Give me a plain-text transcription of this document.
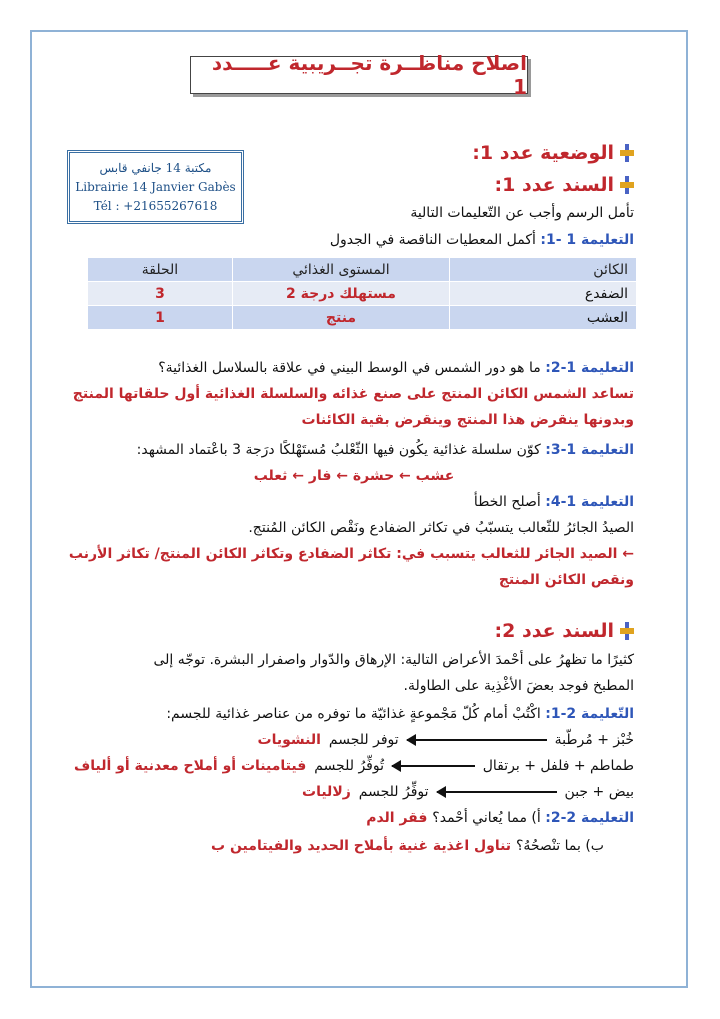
اصلاح مناظــرة تجــريبية عـــــدد 1
مكتبة 14 جانفي قابس
Librairie 14 Janvier Gabès
Tél : +21655267618
الوضعية عدد 1:
السند عدد 1:
تأمل الرسم وأجب عن التّعليمات التالية
التعليمة 1 -1: أكمل المعطيات الناقصة في الجدول
الكائن	المستوى الغذائي	الحلقة
الضفدع	مستهلك درجة 2	3
العشب	منتج	1
التعليمة 1-2: ما هو دور الشمس في الوسط البيني في علاقة بالسلاسل الغذائية؟
تساعد الشمس الكائن المنتج على صنع غذائه والسلسلة الغذائية أول حلقاتها المنتج
وبدونها ينقرض هذا المنتج وينقرض بقية الكائنات
التعليمة 1-3: كوّن سلسلة غذائية يكُون فيها الثّعْلبُ مُستَهْلكًا درَجة 3 باعْتماد المشهد:
عشب ← حشرة ← فار ← ثعلب
التعليمة 1-4: أصلح الخطأ
الصيدُ الجائرُ للثّعالب يتسبّبُ في تكاثر الضفادع ونَقْص الكائن المُنتج.
← الصيد الجائر للثعالب يتسبب في: تكاثر الضفادع وتكاثر الكائن المنتج/ تكاثر الأرنب
ونقص الكائن المنتج
السند عدد 2:
كثيرًا ما تظهرُ على أحْمدَ الأعراض التالية: الإرهاق والدّوار واصفرار البشرة. توجّه إلى
المطبخ فوجد بعضَ الأغْذِية على الطاولة.
التّعليمة 2-1: اكْتُبْ أمام كُلّ مَجْموعةٍ غذائيّة ما توفره من عناصر غذائية للجسم:
خُبْز + مُرطّبة
توفر للجسم
النشويات
طماطم + فلفل + برتقال
تُوفِّرُ للجسم
فيتامينات أو أملاح معدنية أو ألياف
بيض + جبن
توفِّرُ للجسم
زلاليات
التعليمة 2-2: أ) مما يُعاني أحْمد؟ فقر الدم
ب) بما تنْصحُهُ؟ تناول اغذية غنية بأملاح الحديد والفيتامين ب
